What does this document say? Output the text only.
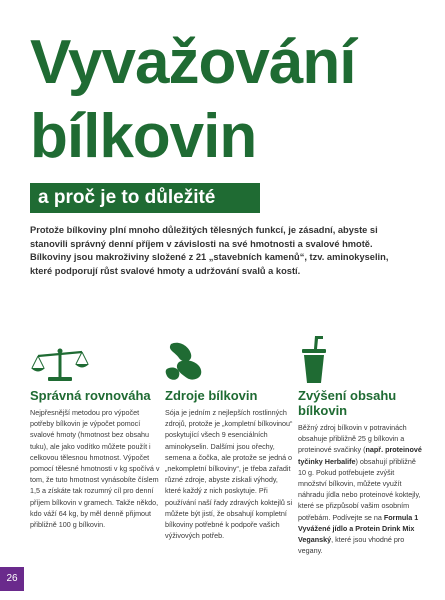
Vyvažování
bílkovin
a proč je to důležité

Protože bílkoviny plní mnoho důležitých tělesných funkcí, je zásadní, abyste si stanovili správný denní příjem v závislosti na své hmotnosti a svalové hmotě. Bílkoviny jsou makroživiny složené z 21 „stavebních kamenů“, tzv. aminokyselin, které podporují růst svalové hmoty a udržování svalů a kostí.

Správná rovnováha

Nejpřesnější metodou pro výpočet potřeby bílkovin je výpočet pomocí svalové hmoty (hmotnost bez obsahu tuku), ale jako vodítko můžete použít i celkovou tělesnou hmotnost. Výpočet pomocí tělesné hmotnosti v kg spočívá v tom, že tuto hmotnost vynásobíte číslem 1,5 a získáte tak rozumný cíl pro denní příjem bílkovin v gramech. Takže někdo, kdo váží 64 kg, by měl denně přijmout přibližně 100 g bílkovin.

Zdroje bílkovin

Sója je jedním z nejlepších rostlinných zdrojů, protože je „kompletní bílkovinou“ poskytující všech 9 esenciálních aminokyselin. Dalšími jsou ořechy, semena a čočka, ale protože se jedná o „nekompletní bílkoviny“, je třeba zařadit různé zdroje, abyste získali výhody, které každý z nich poskytuje. Při používání naší řady zdravých koktejlů si můžete být jistí, že obsahují kompletní bílkoviny potřebné k podpoře vašich výživových potřeb.

Zvýšení obsahu bílkovin

Běžný zdroj bílkovin v potravinách obsahuje přibližně 25 g bílkovin a proteinové svačinky (např. proteinové tyčinky Herbalife) obsahují přibližně 10 g. Pokud potřebujete zvýšit množství bílkovin, můžete využít náhradu jídla nebo proteinové koktejly, které se přizpůsobí vašim osobním potřebám. Podívejte se na Formula 1 Vyvážené jídlo a Protein Drink Mix Veganský, které jsou vhodné pro vegany.

26
